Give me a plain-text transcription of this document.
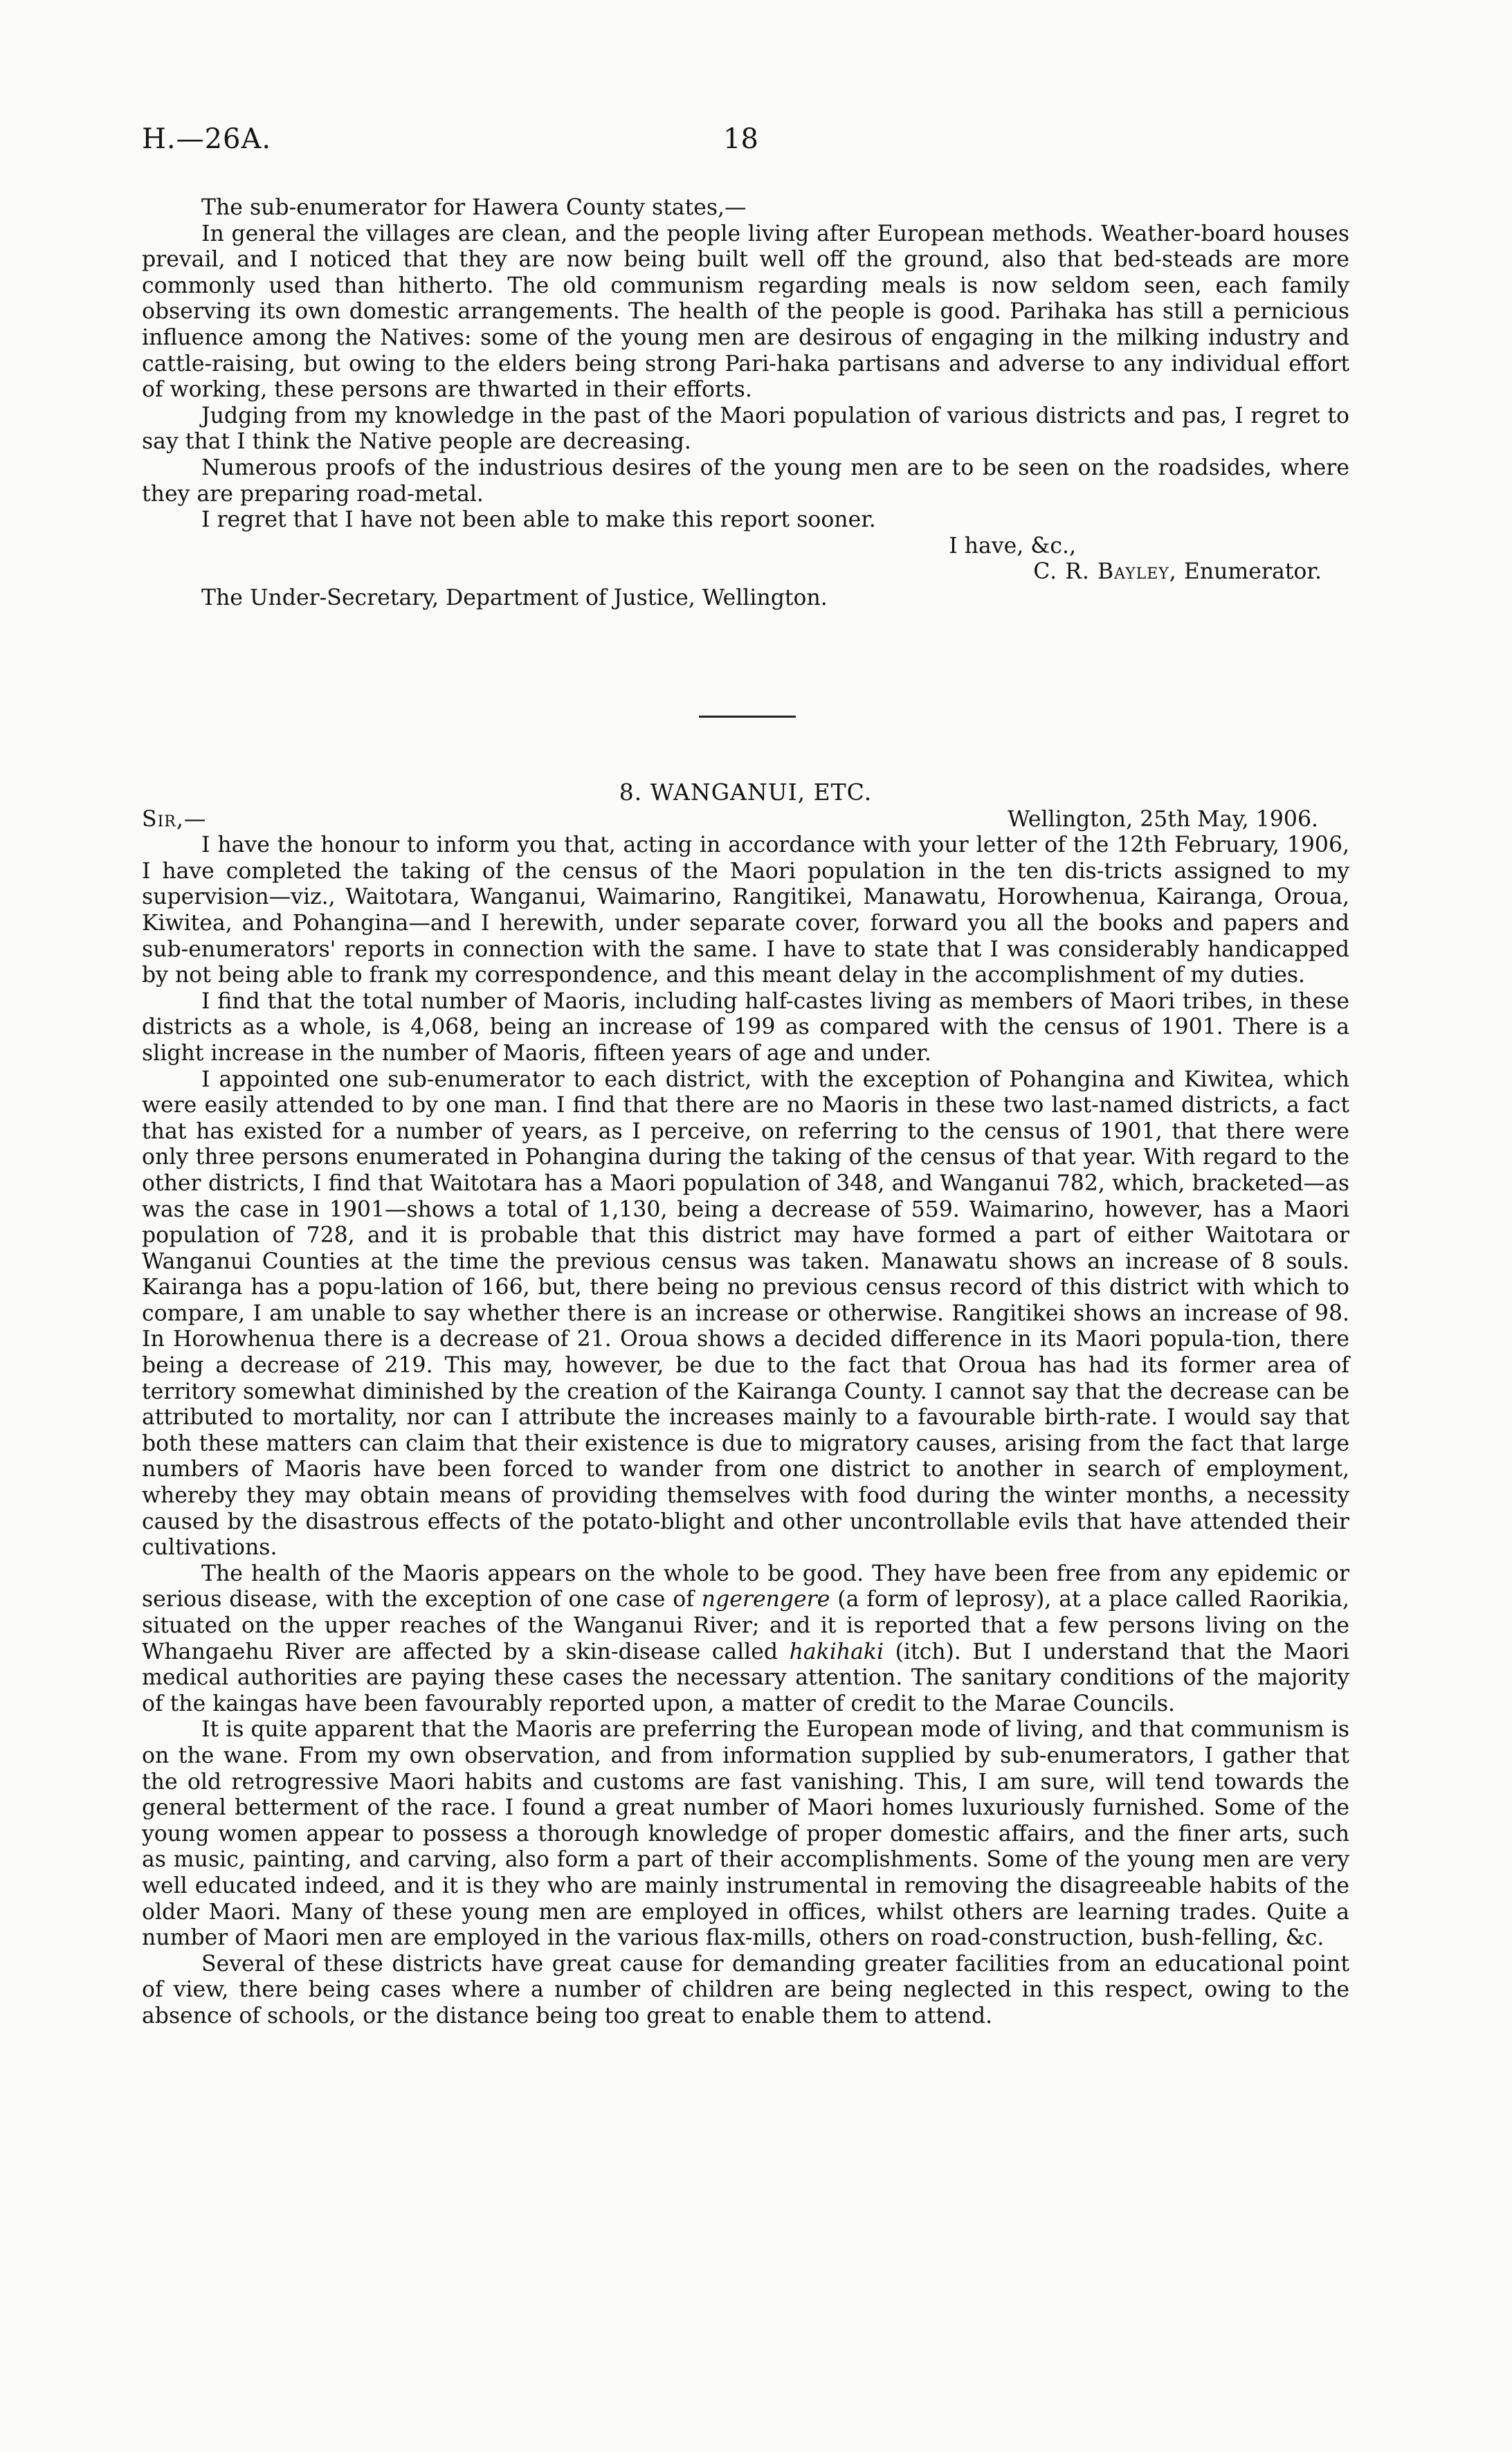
H.—26A.	18

The sub-enumerator for Hawera County states,—

In general the villages are clean, and the people living after European methods. Weather-board houses prevail, and I noticed that they are now being built well off the ground, also that bed-steads are more commonly used than hitherto. The old communism regarding meals is now seldom seen, each family observing its own domestic arrangements. The health of the people is good. Parihaka has still a pernicious influence among the Natives: some of the young men are desirous of engaging in the milking industry and cattle-raising, but owing to the elders being strong Pari-haka partisans and adverse to any individual effort of working, these persons are thwarted in their efforts.

Judging from my knowledge in the past of the Maori population of various districts and pas, I regret to say that I think the Native people are decreasing.

Numerous proofs of the industrious desires of the young men are to be seen on the roadsides, where they are preparing road-metal.

I regret that I have not been able to make this report sooner.

I have, &c.,

C. R. Bayley, Enumerator.

The Under-Secretary, Department of Justice, Wellington.

8. WANGANUI, ETC.

Sir,—	Wellington, 25th May, 1906.

I have the honour to inform you that, acting in accordance with your letter of the 12th February, 1906, I have completed the taking of the census of the Maori population in the ten dis-tricts assigned to my supervision—viz., Waitotara, Wanganui, Waimarino, Rangitikei, Manawatu, Horowhenua, Kairanga, Oroua, Kiwitea, and Pohangina—and I herewith, under separate cover, forward you all the books and papers and sub-enumerators' reports in connection with the same. I have to state that I was considerably handicapped by not being able to frank my correspondence, and this meant delay in the accomplishment of my duties.

I find that the total number of Maoris, including half-castes living as members of Maori tribes, in these districts as a whole, is 4,068, being an increase of 199 as compared with the census of 1901. There is a slight increase in the number of Maoris, fifteen years of age and under.

I appointed one sub-enumerator to each district, with the exception of Pohangina and Kiwitea, which were easily attended to by one man. I find that there are no Maoris in these two last-named districts, a fact that has existed for a number of years, as I perceive, on referring to the census of 1901, that there were only three persons enumerated in Pohangina during the taking of the census of that year. With regard to the other districts, I find that Waitotara has a Maori population of 348, and Wanganui 782, which, bracketed—as was the case in 1901—shows a total of 1,130, being a decrease of 559. Waimarino, however, has a Maori population of 728, and it is probable that this district may have formed a part of either Waitotara or Wanganui Counties at the time the previous census was taken. Manawatu shows an increase of 8 souls. Kairanga has a popu-lation of 166, but, there being no previous census record of this district with which to compare, I am unable to say whether there is an increase or otherwise. Rangitikei shows an increase of 98. In Horowhenua there is a decrease of 21. Oroua shows a decided difference in its Maori popula-tion, there being a decrease of 219. This may, however, be due to the fact that Oroua has had its former area of territory somewhat diminished by the creation of the Kairanga County. I cannot say that the decrease can be attributed to mortality, nor can I attribute the increases mainly to a favourable birth-rate. I would say that both these matters can claim that their existence is due to migratory causes, arising from the fact that large numbers of Maoris have been forced to wander from one district to another in search of employment, whereby they may obtain means of providing themselves with food during the winter months, a necessity caused by the disastrous effects of the potato-blight and other uncontrollable evils that have attended their cultivations.

The health of the Maoris appears on the whole to be good. They have been free from any epidemic or serious disease, with the exception of one case of ngerengere (a form of leprosy), at a place called Raorikia, situated on the upper reaches of the Wanganui River; and it is reported that a few persons living on the Whangaehu River are affected by a skin-disease called hakihaki (itch). But I understand that the Maori medical authorities are paying these cases the necessary attention. The sanitary conditions of the majority of the kaingas have been favourably reported upon, a matter of credit to the Marae Councils.

It is quite apparent that the Maoris are preferring the European mode of living, and that communism is on the wane. From my own observation, and from information supplied by sub-enumerators, I gather that the old retrogressive Maori habits and customs are fast vanishing. This, I am sure, will tend towards the general betterment of the race. I found a great number of Maori homes luxuriously furnished. Some of the young women appear to possess a thorough knowledge of proper domestic affairs, and the finer arts, such as music, painting, and carving, also form a part of their accomplishments. Some of the young men are very well educated indeed, and it is they who are mainly instrumental in removing the disagreeable habits of the older Maori. Many of these young men are employed in offices, whilst others are learning trades. Quite a number of Maori men are employed in the various flax-mills, others on road-construction, bush-felling, &c.

Several of these districts have great cause for demanding greater facilities from an educational point of view, there being cases where a number of children are being neglected in this respect, owing to the absence of schools, or the distance being too great to enable them to attend.
